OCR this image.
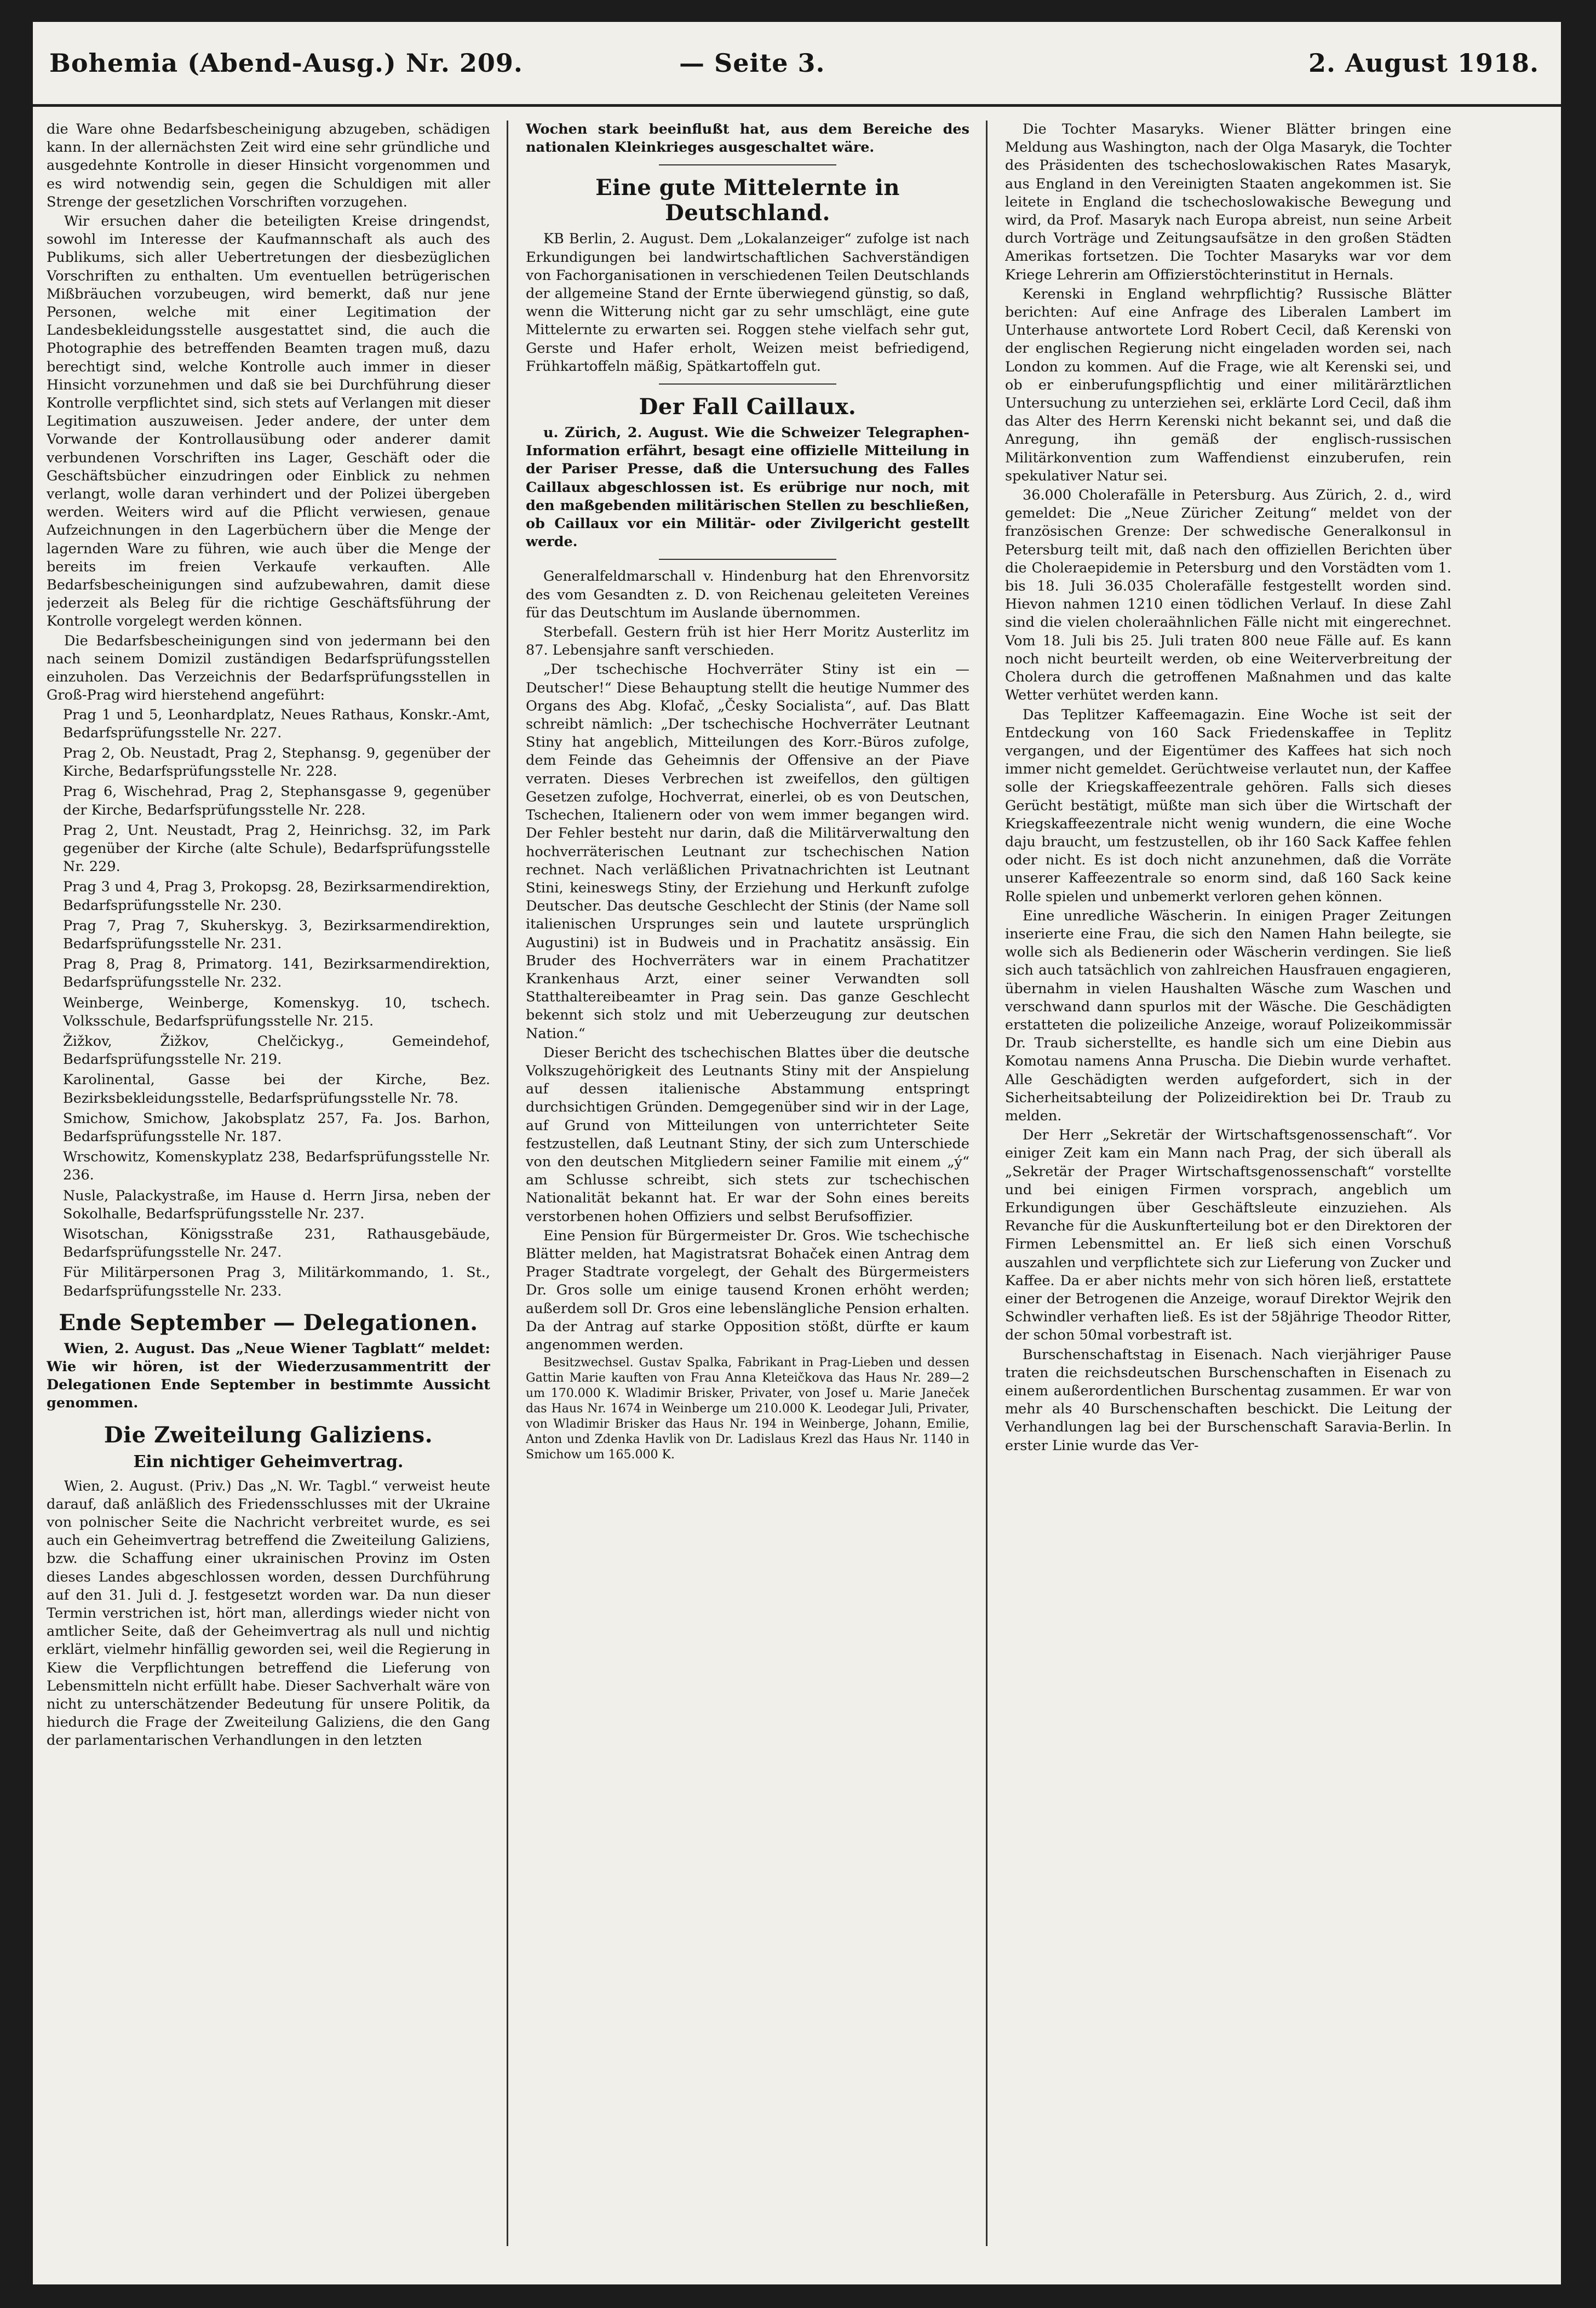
Bohemia (Abend-Ausg.) Nr. 209.	— Seite 3.	2. August 1918.

die Ware ohne Bedarfsbescheinigung abzugeben, schädigen kann. In der allernächsten Zeit wird eine sehr gründliche und ausgedehnte Kontrolle in dieser Hinsicht vorgenommen und es wird notwendig sein, gegen die Schuldigen mit aller Strenge der gesetzlichen Vorschriften vorzugehen.

Wir ersuchen daher die beteiligten Kreise dringendst, sowohl im Interesse der Kaufmannschaft als auch des Publikums, sich aller Uebertretungen der diesbezüglichen Vorschriften zu enthalten. Um eventuellen betrügerischen Mißbräuchen vorzubeugen, wird bemerkt, daß nur jene Personen, welche mit einer Legitimation der Landesbekleidungsstelle ausgestattet sind, die auch die Photographie des betreffenden Beamten tragen muß, dazu berechtigt sind, welche Kontrolle auch immer in dieser Hinsicht vorzunehmen und daß sie bei Durchführung dieser Kontrolle verpflichtet sind, sich stets auf Verlangen mit dieser Legitimation auszuweisen. Jeder andere, der unter dem Vorwande der Kontrollausübung oder anderer damit verbundenen Vorschriften ins Lager, Geschäft oder die Geschäftsbücher einzudringen oder Einblick zu nehmen verlangt, wolle daran verhindert und der Polizei übergeben werden. Weiters wird auf die Pflicht verwiesen, genaue Aufzeichnungen in den Lagerbüchern über die Menge der lagernden Ware zu führen, wie auch über die Menge der bereits im freien Verkaufe verkauften. Alle Bedarfsbescheinigungen sind aufzubewahren, damit diese jederzeit als Beleg für die richtige Geschäftsführung der Kontrolle vorgelegt werden können.

Die Bedarfsbescheinigungen sind von jedermann bei den nach seinem Domizil zuständigen Bedarfsprüfungsstellen einzuholen. Das Verzeichnis der Bedarfsprüfungsstellen in Groß-Prag wird hierstehend angeführt:

Prag 1 und 5, Leonhardplatz, Neues Rathaus, Konskr.-Amt, Bedarfsprüfungsstelle Nr. 227.

Prag 2, Ob. Neustadt, Prag 2, Stephansg. 9, gegenüber der Kirche, Bedarfsprüfungsstelle Nr. 228.

Prag 6, Wischehrad, Prag 2, Stephansgasse 9, gegenüber der Kirche, Bedarfsprüfungsstelle Nr. 228.

Prag 2, Unt. Neustadt, Prag 2, Heinrichsg. 32, im Park gegenüber der Kirche (alte Schule), Bedarfsprüfungsstelle Nr. 229.

Prag 3 und 4, Prag 3, Prokopsg. 28, Bezirksarmendirektion, Bedarfsprüfungsstelle Nr. 230.

Prag 7, Prag 7, Skuherskyg. 3, Bezirksarmendirektion, Bedarfsprüfungsstelle Nr. 231.

Prag 8, Prag 8, Primatorg. 141, Bezirksarmendirektion, Bedarfsprüfungsstelle Nr. 232.

Weinberge, Weinberge, Komenskyg. 10, tschech. Volksschule, Bedarfsprüfungsstelle Nr. 215.

Žižkov, Žižkov, Chelčickyg., Gemeindehof, Bedarfsprüfungsstelle Nr. 219.

Karolinental, Gasse bei der Kirche, Bez. Bezirksbekleidungsstelle, Bedarfsprüfungsstelle Nr. 78.

Smichow, Smichow, Jakobsplatz 257, Fa. Jos. Barhon, Bedarfsprüfungsstelle Nr. 187.

Wrschowitz, Komenskyplatz 238, Bedarfsprüfungsstelle Nr. 236.

Nusle, Palackystraße, im Hause d. Herrn Jirsa, neben der Sokolhalle, Bedarfsprüfungsstelle Nr. 237.

Wisotschan, Königsstraße 231, Rathausgebäude, Bedarfsprüfungsstelle Nr. 247.

Für Militärpersonen Prag 3, Militärkommando, 1. St., Bedarfsprüfungsstelle Nr. 233.

Ende September — Delegationen.

Wien, 2. August. Das „Neue Wiener Tagblatt“ meldet: Wie wir hören, ist der Wiederzusammentritt der Delegationen Ende September in bestimmte Aussicht genommen.

Die Zweiteilung Galiziens.
Ein nichtiger Geheimvertrag.

Wien, 2. August. (Priv.) Das „N. Wr. Tagbl.“ verweist heute darauf, daß anläßlich des Friedensschlusses mit der Ukraine von polnischer Seite die Nachricht verbreitet wurde, es sei auch ein Geheimvertrag betreffend die Zweiteilung Galiziens, bzw. die Schaffung einer ukrainischen Provinz im Osten dieses Landes abgeschlossen worden, dessen Durchführung auf den 31. Juli d. J. festgesetzt worden war. Da nun dieser Termin verstrichen ist, hört man, allerdings wieder nicht von amtlicher Seite, daß der Geheimvertrag als null und nichtig erklärt, vielmehr hinfällig geworden sei, weil die Regierung in Kiew die Verpflichtungen betreffend die Lieferung von Lebensmitteln nicht erfüllt habe. Dieser Sachverhalt wäre von nicht zu unterschätzender Bedeutung für unsere Politik, da hiedurch die Frage der Zweiteilung Galiziens, die den Gang der parlamentarischen Verhandlungen in den letzten

Wochen stark beeinflußt hat, aus dem Bereiche des nationalen Kleinkrieges ausgeschaltet wäre.

Eine gute Mittelernte in Deutschland.

KB Berlin, 2. August. Dem „Lokalanzeiger“ zufolge ist nach Erkundigungen bei landwirtschaftlichen Sachverständigen von Fachorganisationen in verschiedenen Teilen Deutschlands der allgemeine Stand der Ernte überwiegend günstig, so daß, wenn die Witterung nicht gar zu sehr umschlägt, eine gute Mittelernte zu erwarten sei. Roggen stehe vielfach sehr gut, Gerste und Hafer erholt, Weizen meist befriedigend, Frühkartoffeln mäßig, Spätkartoffeln gut.

Der Fall Caillaux.

u. Zürich, 2. August. Wie die Schweizer Telegraphen-Information erfährt, besagt eine offizielle Mitteilung in der Pariser Presse, daß die Untersuchung des Falles Caillaux abgeschlossen ist. Es erübrige nur noch, mit den maßgebenden militärischen Stellen zu beschließen, ob Caillaux vor ein Militär- oder Zivilgericht gestellt werde.

Generalfeldmarschall v. Hindenburg hat den Ehrenvorsitz des vom Gesandten z. D. von Reichenau geleiteten Vereines für das Deutschtum im Auslande übernommen.

Sterbefall. Gestern früh ist hier Herr Moritz Austerlitz im 87. Lebensjahre sanft verschieden.

„Der tschechische Hochverräter Stiny ist ein — Deutscher!“ Diese Behauptung stellt die heutige Nummer des Organs des Abg. Klofač, „Česky Socialista“, auf. Das Blatt schreibt nämlich: „Der tschechische Hochverräter Leutnant Stiny hat angeblich, Mitteilungen des Korr.-Büros zufolge, dem Feinde das Geheimnis der Offensive an der Piave verraten. Dieses Verbrechen ist zweifellos, den gültigen Gesetzen zufolge, Hochverrat, einerlei, ob es von Deutschen, Tschechen, Italienern oder von wem immer begangen wird. Der Fehler besteht nur darin, daß die Militärverwaltung den hochverräterischen Leutnant zur tschechischen Nation rechnet. Nach verläßlichen Privatnachrichten ist Leutnant Stini, keineswegs Stiny, der Erziehung und Herkunft zufolge Deutscher. Das deutsche Geschlecht der Stinis (der Name soll italienischen Ursprunges sein und lautete ursprünglich Augustini) ist in Budweis und in Prachatitz ansässig. Ein Bruder des Hochverräters war in einem Prachatitzer Krankenhaus Arzt, einer seiner Verwandten soll Statthaltereibeamter in Prag sein. Das ganze Geschlecht bekennt sich stolz und mit Ueberzeugung zur deutschen Nation.“

Dieser Bericht des tschechischen Blattes über die deutsche Volkszugehörigkeit des Leutnants Stiny mit der Anspielung auf dessen italienische Abstammung entspringt durchsichtigen Gründen. Demgegenüber sind wir in der Lage, auf Grund von Mitteilungen von unterrichteter Seite festzustellen, daß Leutnant Stiny, der sich zum Unterschiede von den deutschen Mitgliedern seiner Familie mit einem „ý“ am Schlusse schreibt, sich stets zur tschechischen Nationalität bekannt hat. Er war der Sohn eines bereits verstorbenen hohen Offiziers und selbst Berufsoffizier.

Eine Pension für Bürgermeister Dr. Gros. Wie tschechische Blätter melden, hat Magistratsrat Bohaček einen Antrag dem Prager Stadtrate vorgelegt, der Gehalt des Bürgermeisters Dr. Gros solle um einige tausend Kronen erhöht werden; außerdem soll Dr. Gros eine lebenslängliche Pension erhalten. Da der Antrag auf starke Opposition stößt, dürfte er kaum angenommen werden.

Besitzwechsel. Gustav Spalka, Fabrikant in Prag-Lieben und dessen Gattin Marie kauften von Frau Anna Kleteičkova das Haus Nr. 289—2 um 170.000 K. Wladimir Brisker, Privater, von Josef u. Marie Janeček das Haus Nr. 1674 in Weinberge um 210.000 K. Leodegar Juli, Privater, von Wladimir Brisker das Haus Nr. 194 in Weinberge, Johann, Emilie, Anton und Zdenka Havlik von Dr. Ladislaus Krezl das Haus Nr. 1140 in Smichow um 165.000 K.

Die Tochter Masaryks. Wiener Blätter bringen eine Meldung aus Washington, nach der Olga Masaryk, die Tochter des Präsidenten des tschechoslowakischen Rates Masaryk, aus England in den Vereinigten Staaten angekommen ist. Sie leitete in England die tschechoslowakische Bewegung und wird, da Prof. Masaryk nach Europa abreist, nun seine Arbeit durch Vorträge und Zeitungsaufsätze in den großen Städten Amerikas fortsetzen. Die Tochter Masaryks war vor dem Kriege Lehrerin am Offizierstöchterinstitut in Hernals.

Kerenski in England wehrpflichtig? Russische Blätter berichten: Auf eine Anfrage des Liberalen Lambert im Unterhause antwortete Lord Robert Cecil, daß Kerenski von der englischen Regierung nicht eingeladen worden sei, nach London zu kommen. Auf die Frage, wie alt Kerenski sei, und ob er einberufungspflichtig und einer militärärztlichen Untersuchung zu unterziehen sei, erklärte Lord Cecil, daß ihm das Alter des Herrn Kerenski nicht bekannt sei, und daß die Anregung, ihn gemäß der englisch-russischen Militärkonvention zum Waffendienst einzuberufen, rein spekulativer Natur sei.

36.000 Cholerafälle in Petersburg. Aus Zürich, 2. d., wird gemeldet: Die „Neue Züricher Zeitung“ meldet von der französischen Grenze: Der schwedische Generalkonsul in Petersburg teilt mit, daß nach den offiziellen Berichten über die Choleraepidemie in Petersburg und den Vorstädten vom 1. bis 18. Juli 36.035 Cholerafälle festgestellt worden sind. Hievon nahmen 1210 einen tödlichen Verlauf. In diese Zahl sind die vielen choleraähnlichen Fälle nicht mit eingerechnet. Vom 18. Juli bis 25. Juli traten 800 neue Fälle auf. Es kann noch nicht beurteilt werden, ob eine Weiterverbreitung der Cholera durch die getroffenen Maßnahmen und das kalte Wetter verhütet werden kann.

Das Teplitzer Kaffeemagazin. Eine Woche ist seit der Entdeckung von 160 Sack Friedenskaffee in Teplitz vergangen, und der Eigentümer des Kaffees hat sich noch immer nicht gemeldet. Gerüchtweise verlautet nun, der Kaffee solle der Kriegskaffeezentrale gehören. Falls sich dieses Gerücht bestätigt, müßte man sich über die Wirtschaft der Kriegskaffeezentrale nicht wenig wundern, die eine Woche daju braucht, um festzustellen, ob ihr 160 Sack Kaffee fehlen oder nicht. Es ist doch nicht anzunehmen, daß die Vorräte unserer Kaffeezentrale so enorm sind, daß 160 Sack keine Rolle spielen und unbemerkt verloren gehen können.

Eine unredliche Wäscherin. In einigen Prager Zeitungen inserierte eine Frau, die sich den Namen Hahn beilegte, sie wolle sich als Bedienerin oder Wäscherin verdingen. Sie ließ sich auch tatsächlich von zahlreichen Hausfrauen engagieren, übernahm in vielen Haushalten Wäsche zum Waschen und verschwand dann spurlos mit der Wäsche. Die Geschädigten erstatteten die polizeiliche Anzeige, worauf Polizeikommissär Dr. Traub sicherstellte, es handle sich um eine Diebin aus Komotau namens Anna Pruscha. Die Diebin wurde verhaftet. Alle Geschädigten werden aufgefordert, sich in der Sicherheitsabteilung der Polizeidirektion bei Dr. Traub zu melden.

Der Herr „Sekretär der Wirtschaftsgenossenschaft“. Vor einiger Zeit kam ein Mann nach Prag, der sich überall als „Sekretär der Prager Wirtschaftsgenossenschaft“ vorstellte und bei einigen Firmen vorsprach, angeblich um Erkundigungen über Geschäftsleute einzuziehen. Als Revanche für die Auskunfterteilung bot er den Direktoren der Firmen Lebensmittel an. Er ließ sich einen Vorschuß auszahlen und verpflichtete sich zur Lieferung von Zucker und Kaffee. Da er aber nichts mehr von sich hören ließ, erstattete einer der Betrogenen die Anzeige, worauf Direktor Wejrik den Schwindler verhaften ließ. Es ist der 58jährige Theodor Ritter, der schon 50mal vorbestraft ist.

Burschenschaftstag in Eisenach. Nach vierjähriger Pause traten die reichsdeutschen Burschenschaften in Eisenach zu einem außerordentlichen Burschentag zusammen. Er war von mehr als 40 Burschenschaften beschickt. Die Leitung der Verhandlungen lag bei der Burschenschaft Saravia-Berlin. In erster Linie wurde das Ver-
